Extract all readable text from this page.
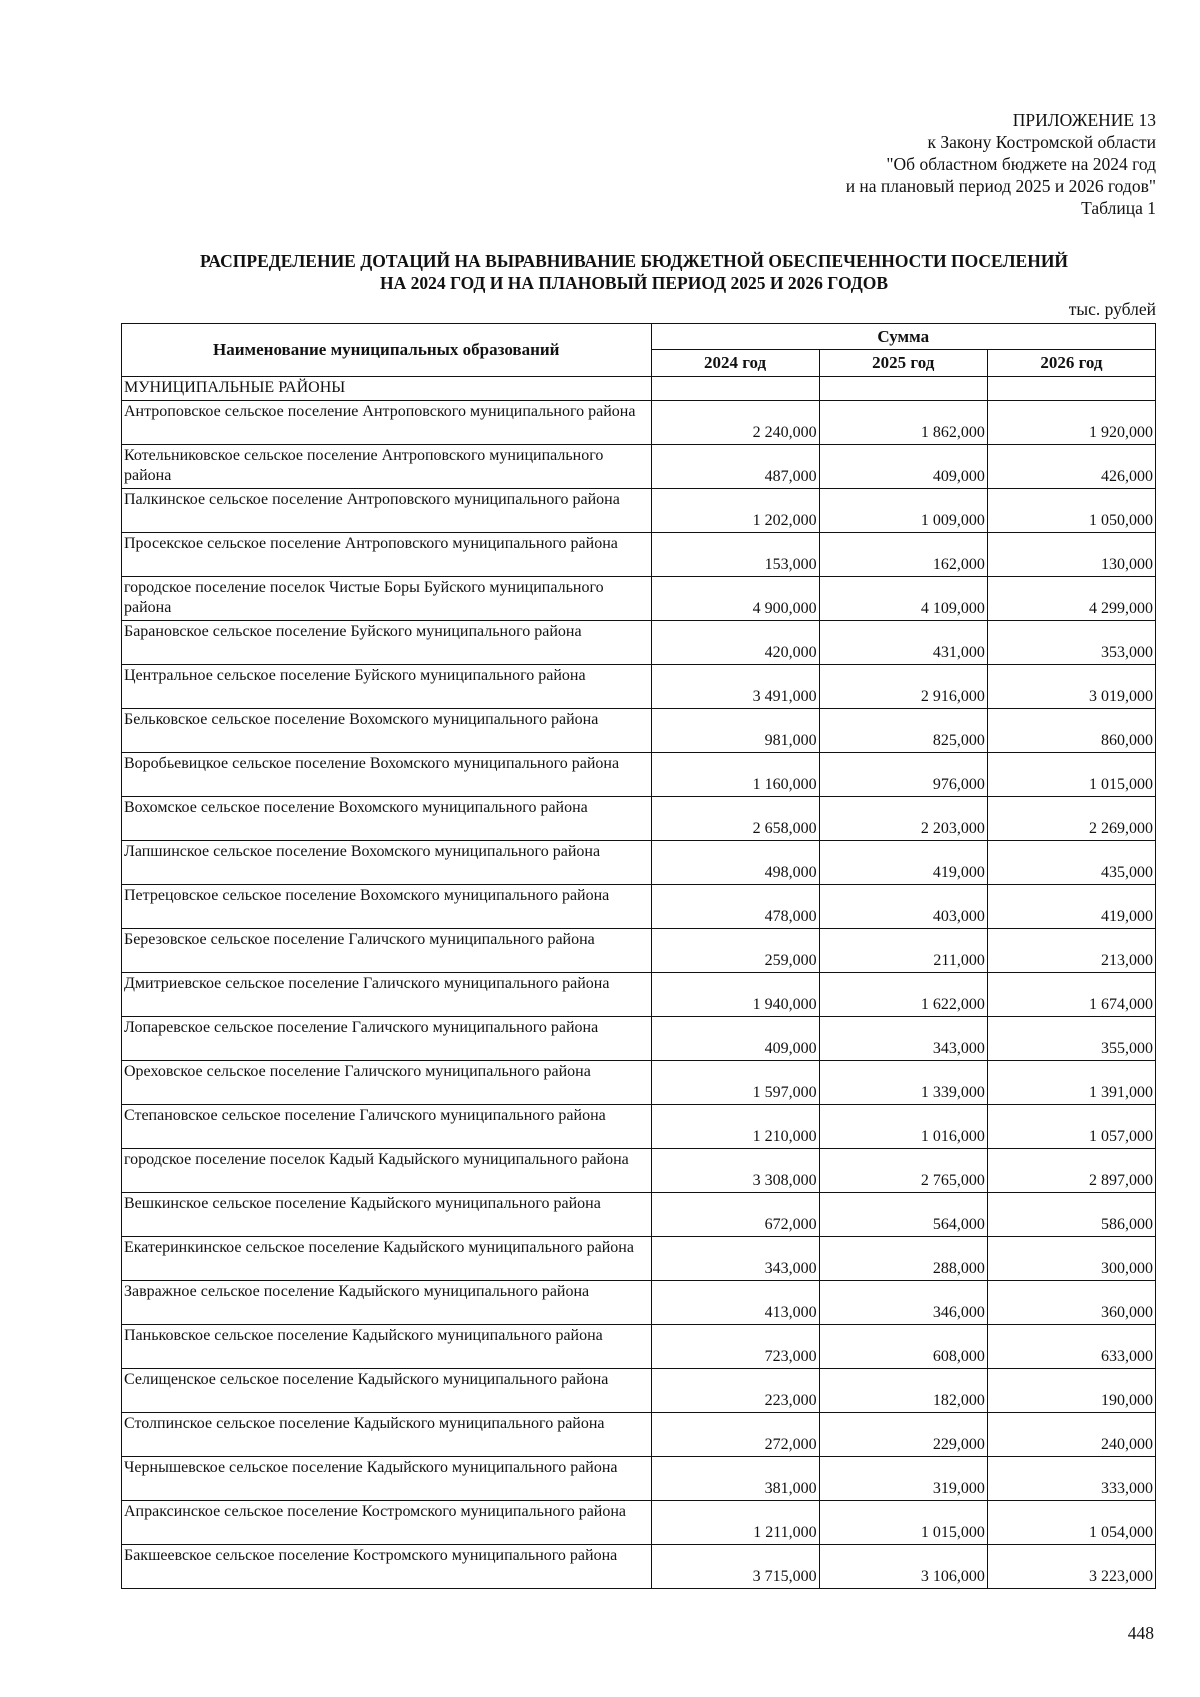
ПРИЛОЖЕНИЕ 13
к Закону Костромской области
"Об областном бюджете на 2024 год
и на плановый период 2025 и 2026 годов"
Таблица 1
РАСПРЕДЕЛЕНИЕ ДОТАЦИЙ НА ВЫРАВНИВАНИЕ БЮДЖЕТНОЙ ОБЕСПЕЧЕННОСТИ ПОСЕЛЕНИЙ
НА 2024 ГОД И НА ПЛАНОВЫЙ ПЕРИОД 2025 И 2026 ГОДОВ
тыс. рублей
Наименование муниципальных образований	Сумма		
	2024 год	2025 год	2026 год
МУНИЦИПАЛЬНЫЕ РАЙОНЫ			
Антроповское сельское поселение Антроповского муниципального района	2 240,000	1 862,000	1 920,000
Котельниковское сельское поселение Антроповского муниципального района	487,000	409,000	426,000
Палкинское сельское поселение Антроповского муниципального района	1 202,000	1 009,000	1 050,000
Просекское сельское поселение Антроповского муниципального района	153,000	162,000	130,000
городское поселение поселок Чистые Боры Буйского муниципального района	4 900,000	4 109,000	4 299,000
Барановское сельское поселение Буйского муниципального района	420,000	431,000	353,000
Центральное сельское поселение Буйского муниципального района	3 491,000	2 916,000	3 019,000
Бельковское сельское поселение Вохомского муниципального района	981,000	825,000	860,000
Воробьевицкое сельское поселение Вохомского муниципального района	1 160,000	976,000	1 015,000
Вохомское сельское поселение Вохомского муниципального района	2 658,000	2 203,000	2 269,000
Лапшинское сельское поселение Вохомского муниципального района	498,000	419,000	435,000
Петрецовское сельское поселение Вохомского муниципального района	478,000	403,000	419,000
Березовское сельское поселение Галичского муниципального района	259,000	211,000	213,000
Дмитриевское сельское поселение Галичского муниципального района	1 940,000	1 622,000	1 674,000
Лопаревское сельское поселение Галичского муниципального района	409,000	343,000	355,000
Ореховское сельское поселение Галичского муниципального района	1 597,000	1 339,000	1 391,000
Степановское сельское поселение Галичского муниципального района	1 210,000	1 016,000	1 057,000
городское поселение поселок Кадый Кадыйского муниципального района	3 308,000	2 765,000	2 897,000
Вешкинское сельское поселение Кадыйского муниципального района	672,000	564,000	586,000
Екатеринкинское сельское поселение Кадыйского муниципального района	343,000	288,000	300,000
Завражное сельское поселение Кадыйского муниципального района	413,000	346,000	360,000
Паньковское сельское поселение Кадыйского муниципального района	723,000	608,000	633,000
Селищенское сельское поселение Кадыйского муниципального района	223,000	182,000	190,000
Столпинское сельское поселение Кадыйского муниципального района	272,000	229,000	240,000
Чернышевское сельское поселение Кадыйского муниципального района	381,000	319,000	333,000
Апраксинское сельское поселение Костромского муниципального района	1 211,000	1 015,000	1 054,000
Бакшеевское сельское поселение Костромского муниципального района	3 715,000	3 106,000	3 223,000
448
